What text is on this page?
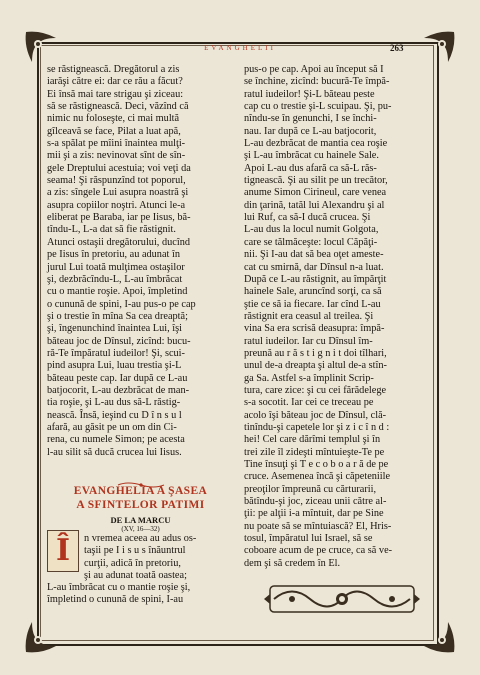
EVANGHELII	263
se răstignească. Dregătorul a zis
iarăşi către ei: dar ce rău a făcut?
Ei însă mai tare strigau şi ziceau:
să se răstignească. Deci, văzînd că
nimic nu foloseşte, ci mai multă
gîlceavă se face, Pilat a luat apă,
s-a spălat pe mîini înaintea mulţi-
mii şi a zis: nevinovat sînt de sîn-
gele Dreptului acestuia; voi veţi da
seama! Şi răspunzînd tot poporul,
a zis: sîngele Lui asupra noastră şi
asupra copiilor noştri. Atunci le-a
eliberat pe Baraba, iar pe Iisus, bă-
tîndu-L, L-a dat să fie răstignit.
Atunci ostaşii dregătorului, ducînd
pe Iisus în pretoriu, au adunat în
jurul Lui toată mulţimea ostaşilor
şi, dezbrăcîndu-L, L-au îmbrăcat
cu o mantie roşie. Apoi, împletind
o cunună de spini, I-au pus-o pe cap
şi o trestie în mîna Sa cea dreaptă;
şi, îngenunchind înaintea Lui, îşi
băteau joc de Dînsul, zicînd: bucu-
ră-Te împăratul iudeilor! Şi, scui-
pind asupra Lui, luau trestia şi-L
băteau peste cap. Iar după ce L-au
batjocorit, L-au dezbrăcat de man-
tia roşie, şi L-au dus să-L răstig-
nească. Însă, ieşind cu D î n s u l
afară, au găsit pe un om din Ci-
rena, cu numele Simon; pe acesta
l-au silit să ducă crucea lui Iisus.
pus-o pe cap. Apoi au început să I
se închine, zicînd: bucură-Te împă-
ratul iudeilor! Şi-L băteau peste
cap cu o trestie şi-L scuipau. Şi, pu-
nîndu-se în genunchi, I se închi-
nau. Iar după ce L-au batjocorit,
L-au dezbrăcat de mantia cea roşie
şi L-au îmbrăcat cu hainele Sale.
Apoi L-au dus afară ca să-L răs-
tignească. Şi au silit pe un trecător,
anume Simon Cirineul, care venea
din ţarină, tatăl lui Alexandru şi al
lui Ruf, ca să-I ducă crucea. Şi
L-au dus la locul numit Golgota,
care se tălmăceşte: locul Căpăţi-
nii. Şi I-au dat să bea oţet ameste-
cat cu smirnă, dar Dînsul n-a luat.
După ce L-au răstignit, au împărţit
hainele Sale, aruncînd sorţi, ca să
ştie ce să ia fiecare. Iar cînd L-au
răstignit era ceasul al treilea. Şi
vina Sa era scrisă deasupra: împă-
ratul iudeilor. Iar cu Dînsul îm-
preună au r ă s t i g n i t doi tîlhari,
unul de-a dreapta şi altul de-a stîn-
ga Sa. Astfel s-a împlinit Scrip-
tura, care zice: şi cu cei fărădelege
s-a socotit. Iar cei ce treceau pe
acolo îşi băteau joc de Dînsul, clă-
tinîndu-şi capetele lor şi z i c î n d :
hei! Cel care dărîmi templul şi în
trei zile îl zideşti mîntuieşte-Te pe
Tine însuţi şi T e c o b o a r ă de pe
cruce. Asemenea încă şi căpeteniile
preoţilor împreună cu cărturarii,
bătîndu-şi joc, ziceau unii către al-
ţii: pe alţii i-a mîntuit, dar pe Sine
nu poate să se mîntuiască? El, Hris-
tosul, împăratul lui Israel, să se
coboare acum de pe cruce, ca să ve-
dem şi să credem în El.
EVANGHELIA A ŞASEA
A SFINTELOR PATIMI
DE LA MARCU
(XV, 16—32)
Î n vremea aceea au adus os-
taşii pe I i s u s înăuntrul
curţii, adică în pretoriu,
şi au adunat toată oastea;
L-au îmbrăcat cu o mantie roşie şi,
împletind o cunună de spini, I-au
